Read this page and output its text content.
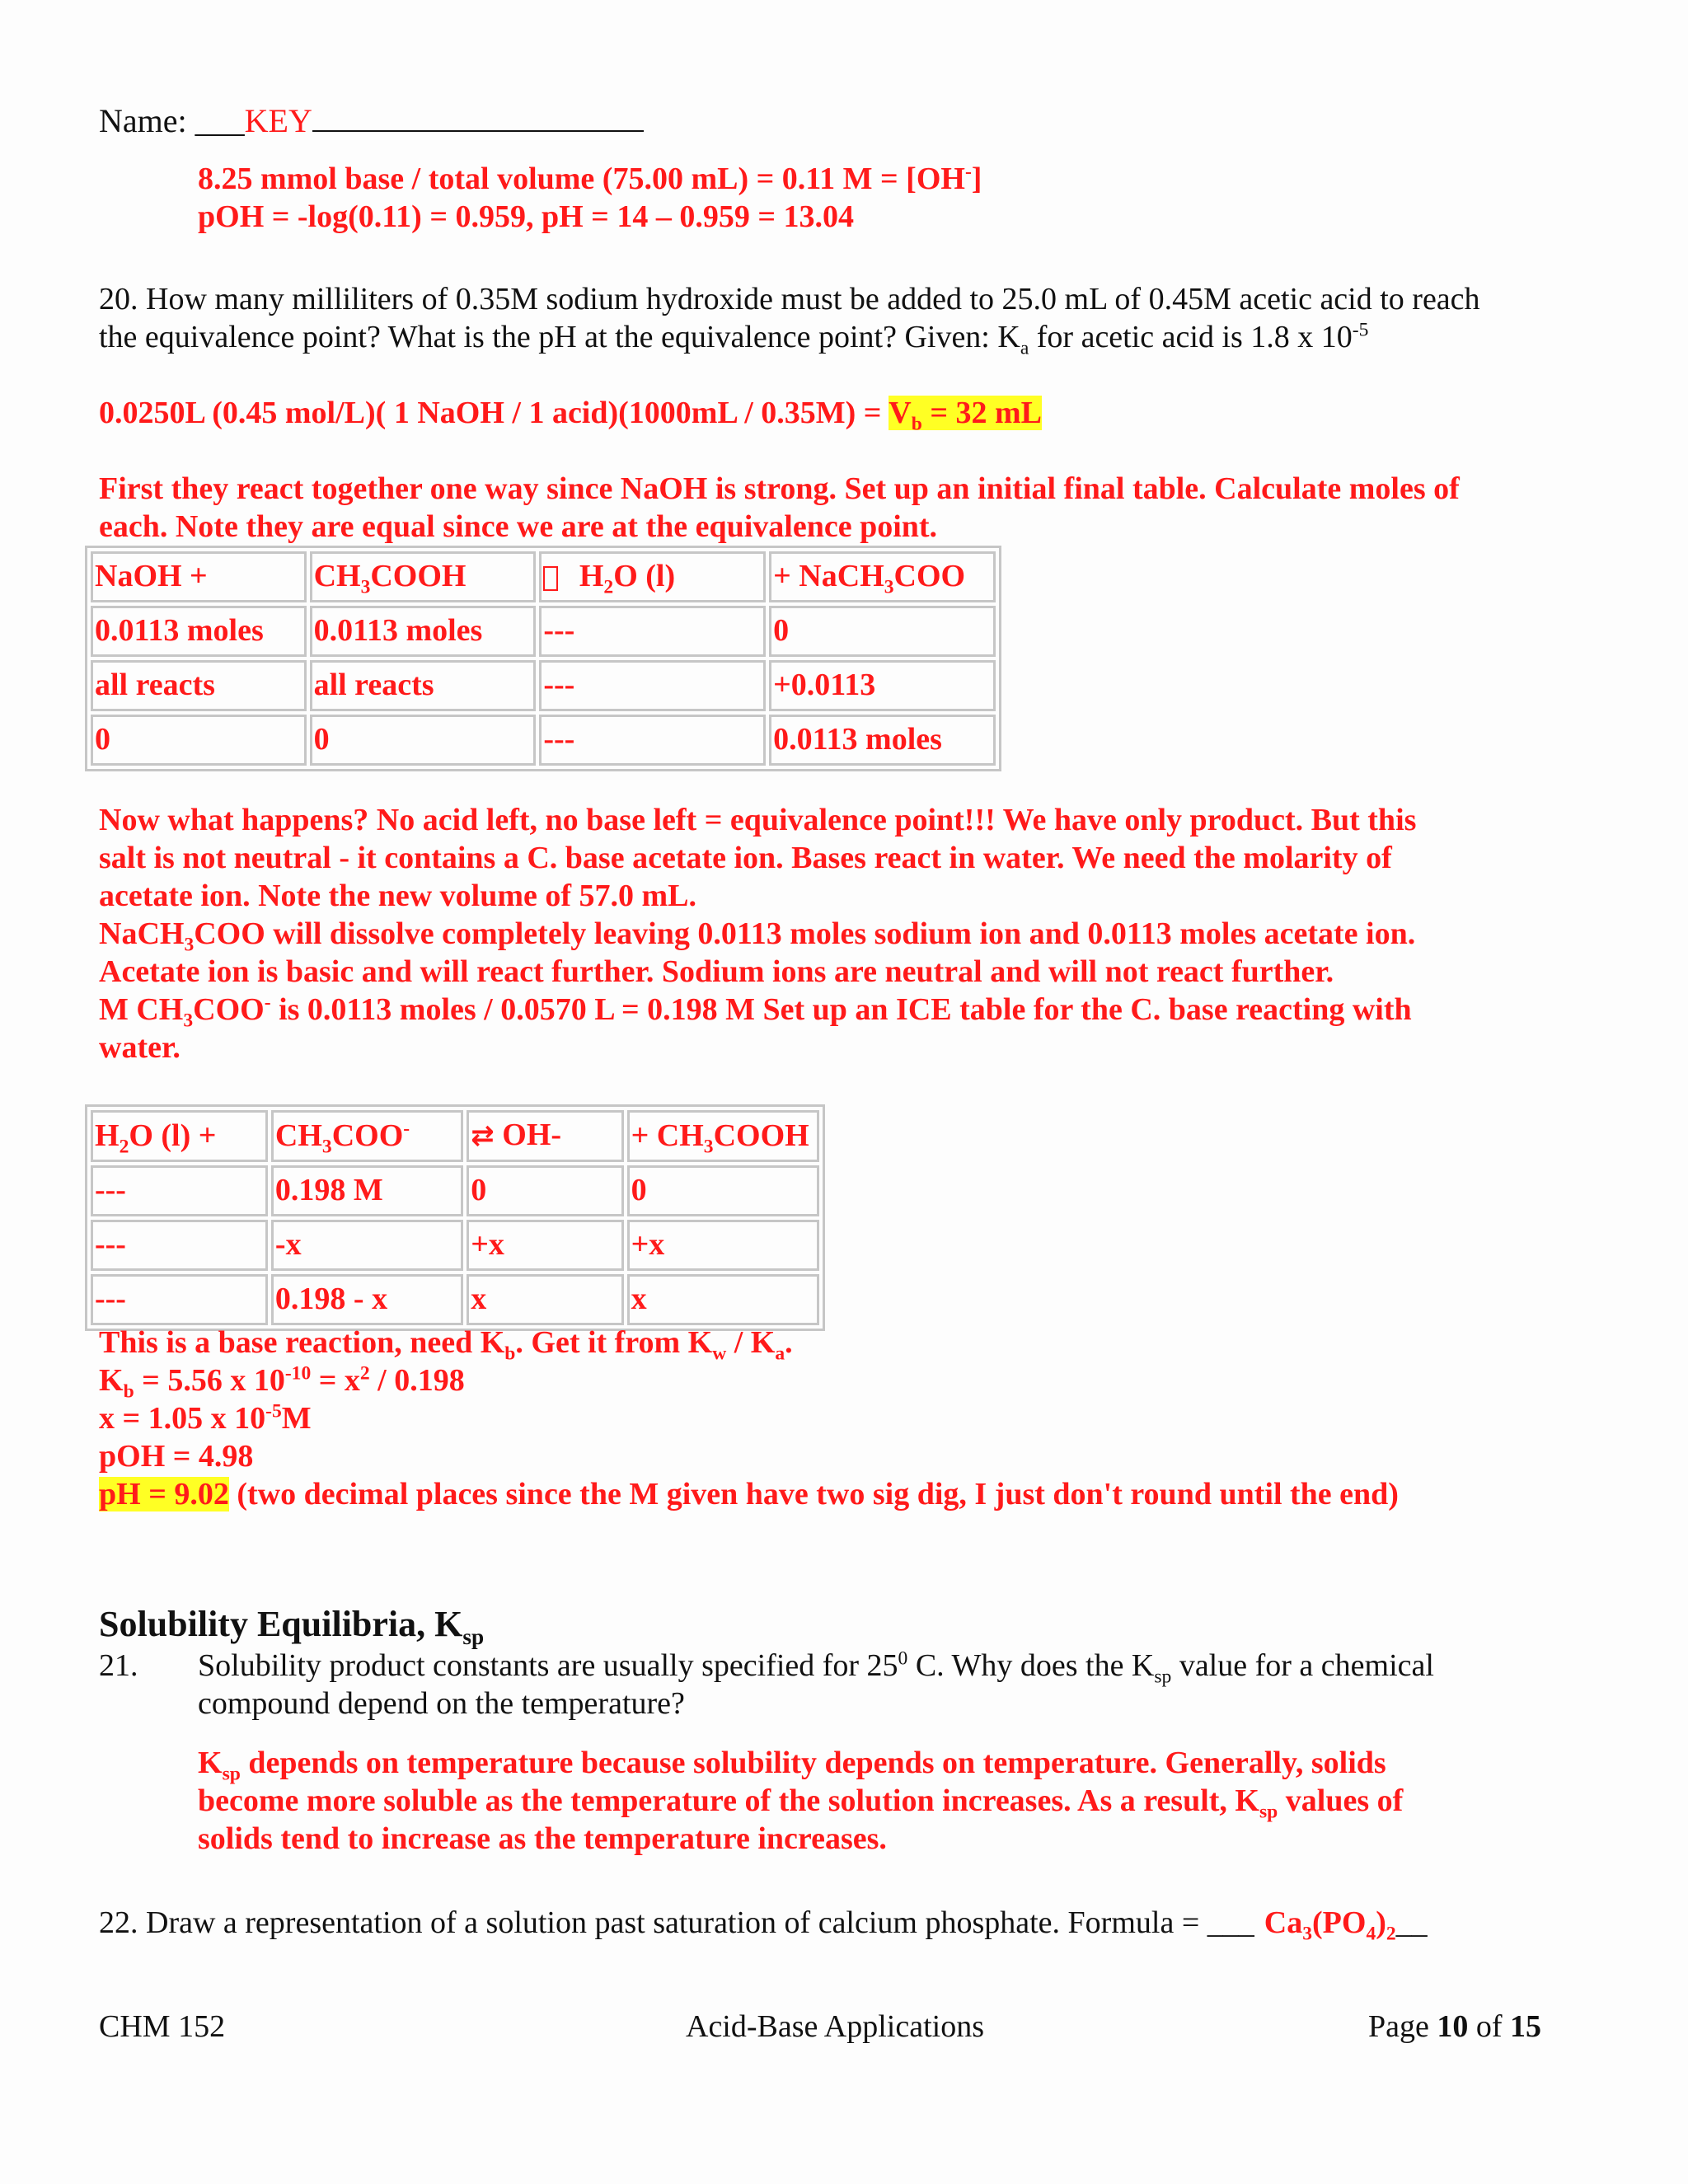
Name: ___KEY
8.25 mmol base / total volume (75.00 mL) = 0.11 M = [OH-]
pOH = -log(0.11) = 0.959, pH = 14 – 0.959 = 13.04
20. How many milliliters of 0.35M sodium hydroxide must be added to 25.0 mL of 0.45M acetic acid to reach
the equivalence point? What is the pH at the equivalence point? Given: $K_a$ for acetic acid is 1.8 x $10^{-5}$
0.0250L (0.45 mol/L)( 1 NaOH / 1 acid)(1000mL / $0.35M) = V_b = 32$ mL
First they react together one way since NaOH is strong. Set up an initial final table. Calculate moles of
each. Note they are equal since we are at the equivalence point.
NaOH +	$CH_3COOH$	$H_2O$ (l)	+ NaCH$_3$COO
0.0113 moles	0.0113 moles	---	0
all reacts	all reacts	---	+0.0113
0	0	---	0.0113 moles
Now what happens? No acid left, no base left = equivalence point!!! We have only product. But this
salt is not neutral - it contains a C. base acetate ion. Bases react in water. We need the molarity of
acetate ion. Note the new volume of 57.0 mL.
NaCH$_3$COO will dissolve completely leaving 0.0113 moles sodium ion and 0.0113 moles acetate ion.
Acetate ion is basic and will react further. Sodium ions are neutral and will not react further.
M $CH_3COO^-$ is 0.0113 moles / 0.0570 L = 0.198 M Set up an ICE table for the C. base reacting with
water.
$H_2O$ (l) +	$CH_3COO^-$	⇄ OH-	+ $CH_3COOH$
---	0.198 M	0	0
---	-x	+x	+x
---	0.198 - x	x	x
This is a base reaction, need $K_b$. Get it from $K_w / K_a$.
$K_b = 5.56$ x $10^{-10} = x^2 / 0.198$
x = 1.05 x $10^{-5}M$
pOH = 4.98
pH = 9.02 (two decimal places since the M given have two sig dig, I just don't round until the end)
Solubility Equilibria, $K_{sp}$
21. Solubility product constants are usually specified for $25^0$ C. Why does the $K_{sp}$ value for a chemical
compound depend on the temperature?
$K_{sp}$ depends on temperature because solubility depends on temperature. Generally, solids
become more soluble as the temperature of the solution increases. As a result, $K_{sp}$ values of
solids tend to increase as the temperature increases.
22. Draw a representation of a solution past saturation of calcium phosphate. Formula = ___ $Ca_3(PO_4)_2\_\_$
CHM 152	Acid-Base Applications	Page 10 of 15
